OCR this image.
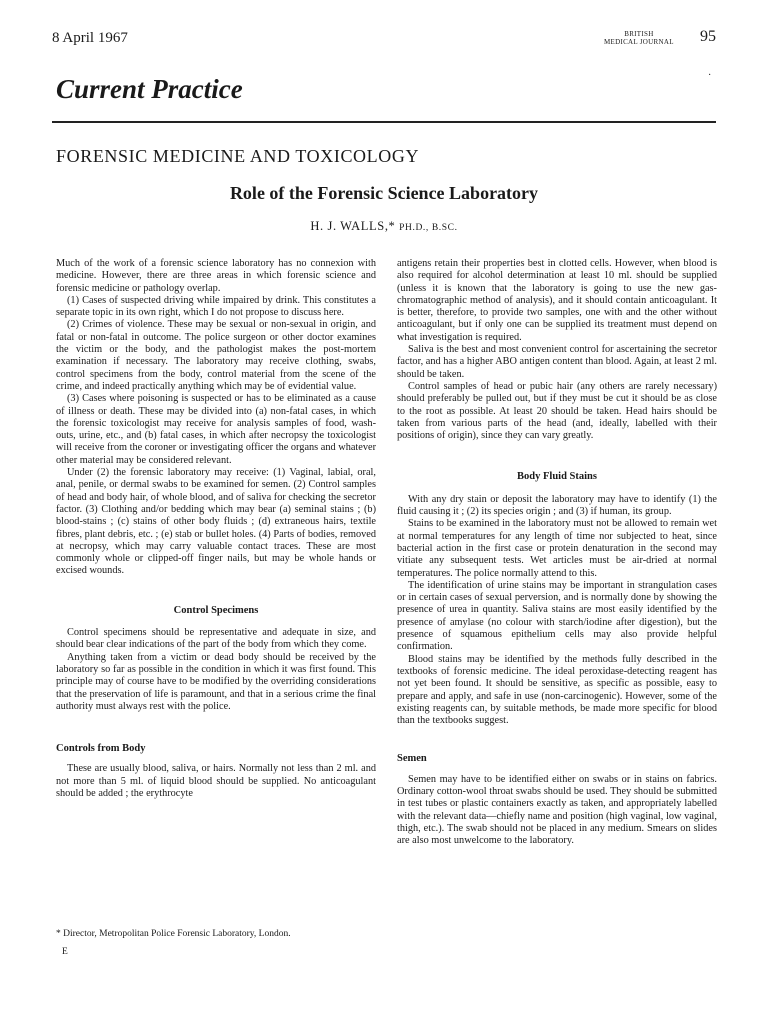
8 April 1967	BRITISH
MEDICAL JOURNAL 95
Current Practice	·
FORENSIC MEDICINE AND TOXICOLOGY
Role of the Forensic Science Laboratory
H. J. WALLS,* PH.D., B.SC.

Much of the work of a forensic science laboratory has no connexion with medicine. However, there are three areas in which forensic science and forensic medicine or pathology overlap.

(1) Cases of suspected driving while impaired by drink. This constitutes a separate topic in its own right, which I do not propose to discuss here.

(2) Crimes of violence. These may be sexual or non-sexual in origin, and fatal or non-fatal in outcome. The police surgeon or other doctor examines the victim or the body, and the pathologist makes the post-mortem examination if necessary. The laboratory may receive clothing, swabs, control specimens from the body, control material from the scene of the crime, and indeed practically anything which may be of evidential value.

(3) Cases where poisoning is suspected or has to be eliminated as a cause of illness or death. These may be divided into (a) non-fatal cases, in which the forensic toxicologist may receive for analysis samples of food, wash-outs, urine, etc., and (b) fatal cases, in which after necropsy the toxicologist will receive from the coroner or investigating officer the organs and whatever other material may be considered relevant.

Under (2) the forensic laboratory may receive: (1) Vaginal, labial, oral, anal, penile, or dermal swabs to be examined for semen. (2) Control samples of head and body hair, of whole blood, and of saliva for checking the secretor factor. (3) Clothing and/or bedding which may bear (a) seminal stains ; (b) blood-stains ; (c) stains of other body fluids ; (d) extraneous hairs, textile fibres, plant debris, etc. ; (e) stab or bullet holes. (4) Parts of bodies, removed at necropsy, which may carry valuable contact traces. These are most commonly whole or clipped-off finger nails, but may be whole hands or excised wounds.

Control Specimens

Control specimens should be representative and adequate in size, and should bear clear indications of the part of the body from which they come.

Anything taken from a victim or dead body should be received by the laboratory so far as possible in the condition in which it was first found. This principle may of course have to be modified by the overriding considerations that the preservation of life is paramount, and that in a serious crime the final authority must always rest with the police.

Controls from Body

These are usually blood, saliva, or hairs. Normally not less than 2 ml. and not more than 5 ml. of liquid blood should be supplied. No anticoagulant should be added ; the erythrocyte

antigens retain their properties best in clotted cells. However, when blood is also required for alcohol determination at least 10 ml. should be supplied (unless it is known that the laboratory is going to use the new gas-chromatographic method of analysis), and it should contain anticoagulant. It is better, therefore, to provide two samples, one with and the other without anticoagulant, but if only one can be supplied its treatment must depend on what investigation is required.

Saliva is the best and most convenient control for ascertaining the secretor factor, and has a higher ABO antigen content than blood. Again, at least 2 ml. should be taken.

Control samples of head or pubic hair (any others are rarely necessary) should preferably be pulled out, but if they must be cut it should be as close to the root as possible. At least 20 should be taken. Head hairs should be taken from various parts of the head (and, ideally, labelled with their positions of origin), since they can vary greatly.

Body Fluid Stains

With any dry stain or deposit the laboratory may have to identify (1) the fluid causing it ; (2) its species origin ; and (3) if human, its group.

Stains to be examined in the laboratory must not be allowed to remain wet at normal temperatures for any length of time nor subjected to heat, since bacterial action in the first case or protein denaturation in the second may vitiate any subsequent tests. Wet articles must be air-dried at normal temperatures. The police normally attend to this.

The identification of urine stains may be important in strangulation cases or in certain cases of sexual perversion, and is normally done by showing the presence of urea in quantity. Saliva stains are most easily identified by the presence of amylase (no colour with starch/iodine after digestion), but the presence of squamous epithelium cells may also provide helpful confirmation.

Blood stains may be identified by the methods fully described in the textbooks of forensic medicine. The ideal peroxidase-detecting reagent has not yet been found. It should be sensitive, as specific as possible, easy to prepare and apply, and safe in use (non-carcinogenic). However, some of the existing reagents can, by suitable methods, be made more specific for blood than the textbooks suggest.

Semen

Semen may have to be identified either on swabs or in stains on fabrics. Ordinary cotton-wool throat swabs should be used. They should be submitted in test tubes or plastic containers exactly as taken, and appropriately labelled with the relevant data—chiefly name and position (high vaginal, low vaginal, thigh, etc.). The swab should not be placed in any medium. Smears on slides are also most unwelcome to the laboratory.

* Director, Metropolitan Police Forensic Laboratory, London.
E
